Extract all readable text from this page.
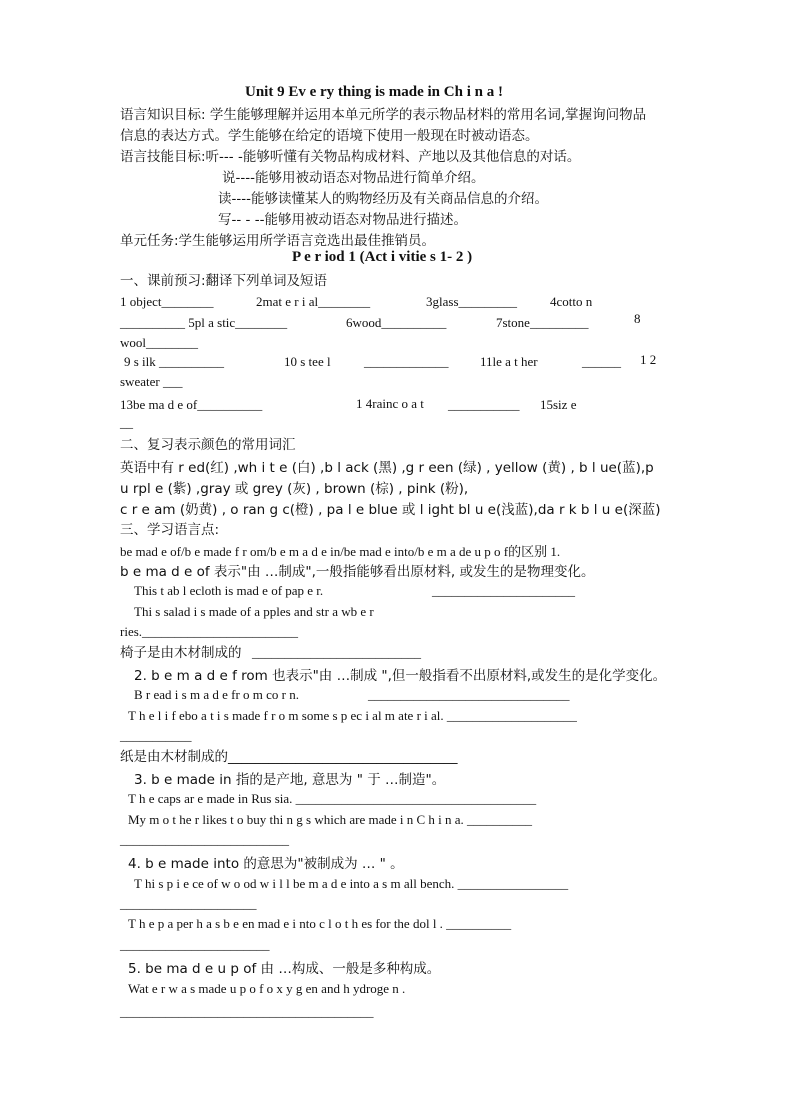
Unit 9 Ev e ry thing is made in Ch i n a !
语言知识目标: 学生能够理解并运用本单元所学的表示物品材料的常用名词,掌握询问物品
信息的表达方式。学生能够在给定的语境下使用一般现在时被动语态。
语言技能目标:听--- -能够听懂有关物品构成材料、产地以及其他信息的对话。
说----能够用被动语态对物品进行简单介绍。
读----能够读懂某人的购物经历及有关商品信息的介绍。
写-- - --能够用被动语态对物品进行描述。
单元任务:学生能够运用所学语言竞选出最佳推销员。
P e r iod 1 (Act i vitie s 1- 2 )
一、课前预习:翻译下列单词及短语
1 object________	2mat e r i al________	3glass_________	4cotto n
__________ 5pl a stic________	6wood__________	7stone_________	8
wool________
9 s ilk __________	10 s tee l	_____________ 11le a t her	______ 1 2
sweater ___
13be ma d e of__________	1 4rainc o a t ___________ 15siz e
__
二、复习表示颜色的常用词汇
英语中有 r ed(红) ,wh i t e (白) ,b l ack (黑) ,g r een (绿) , yellow (黄) , b l ue(蓝),p
u rpl e (紫) ,gray 或 grey (灰) , brown (棕) , pink (粉),
c r e am (奶黄) , o ran g c(橙) , pa l e blue 或 l ight bl u e(浅蓝),da r k b l u e(深蓝)
三、学习语言点:
be mad e of/b e made f r om/b e m a d e in/be mad e into/b e m a de u p o f的区别 1.
b e ma d e of 表示"由 …制成",一般指能够看出原材料, 或发生的是物理变化。
This t ab l ecloth is mad e of pap e r.	______________________
Thi s salad i s made of a pples and str a wb e r
ries.________________________
椅子是由木材制成的 __________________________
2. b e m a d e f rom 也表示"由 …制成 ",但一般指看不出原材料,或发生的是化学变化。
B r ead i s m a d e fr o m co r n.	_______________________________
T h e l i f ebo a t i s made f r o m some s p ec i al m ate r i al. ____________________
___________
纸是由木材制成的__________________________________
3. b e made in 指的是产地, 意思为 " 于 …制造"。
T h e caps ar e made in Rus sia. _____________________________________
My m o t he r likes t o buy thi n g s which are made i n C h i n a. __________
__________________________
4. b e made into 的意思为"被制成为 … " 。
T hi s p i e ce of w o od w i l l be m a d e into a s m all bench. _________________
_____________________
T h e p a per h a s b e en mad e i nto c l o t h es for the dol l . __________
_______________________
5. be ma d e u p of 由 …构成、一般是多种构成。
Wat e r w a s made u p o f o x y g en and h ydroge n .
_______________________________________
